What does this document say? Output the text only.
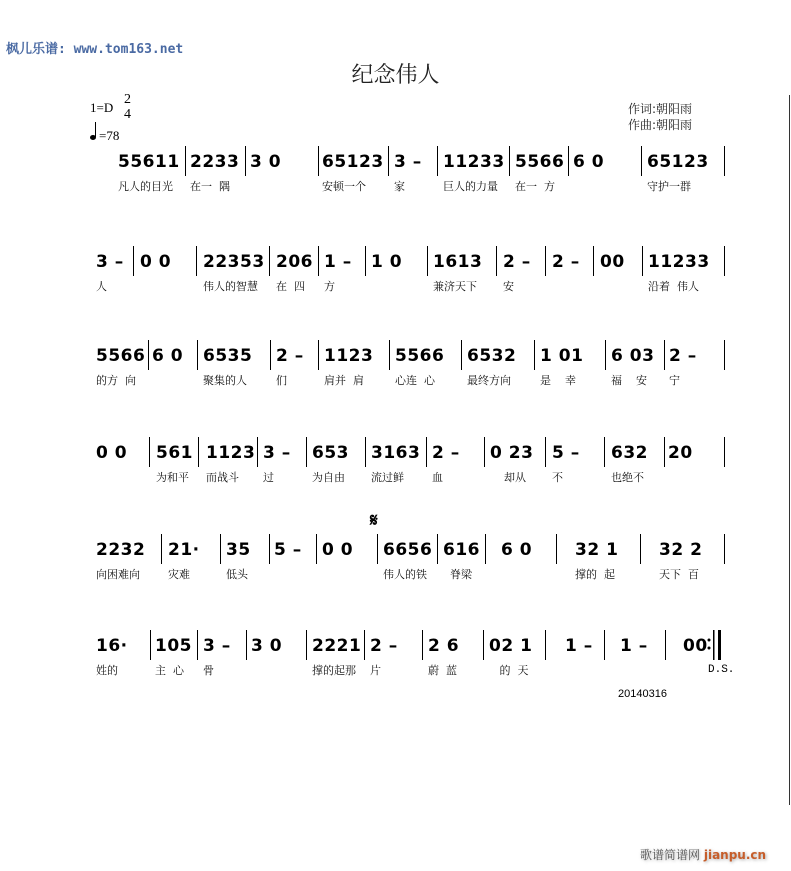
枫儿乐谱: www.tom163.net
纪念伟人
1=D
2
4
=78
作词:朝阳雨
作曲:朝阳雨
55611
凡人的目光
2233
在一  隅
3 0 65123
安顿一个
3 –
家
11233
巨人的力量
5566
在一  方
6 0	65123
守护一群
3 –
人
0 0 22353
伟人的智慧
206
在  四
1 –
方
1 0 1613
兼济天下
2 –
安
2 – 00 11233
沿着  伟人
5566
的方  向
6 0 6535
聚集的人
2 –
们
1123
肩并  肩
5566
心连  心
6532
最终方向
1 01
是    幸
6 03
福    安
2 –
宁
0 0 561
为和平
1123
而战斗
3 –
过
653
为自由
3163
流过鲜
2 –
血
0 23
却从
5 –
不
632
也绝不
20
2232
向困难向
21·
灾难
35
低头
5 – 0 0 6656
伟人的铁
616
脊梁
6 0	32 1
撑的  起
32 2
天下  百
𝄋
16·
姓的
105
主  心
3 –
骨
3 0 2221
撑的起那
2 –
片
2 6
蔚  蓝
02 1
的  天
1 – 1 – 00
D.S.
20140316
歌谱简谱网 jianpu.cn
